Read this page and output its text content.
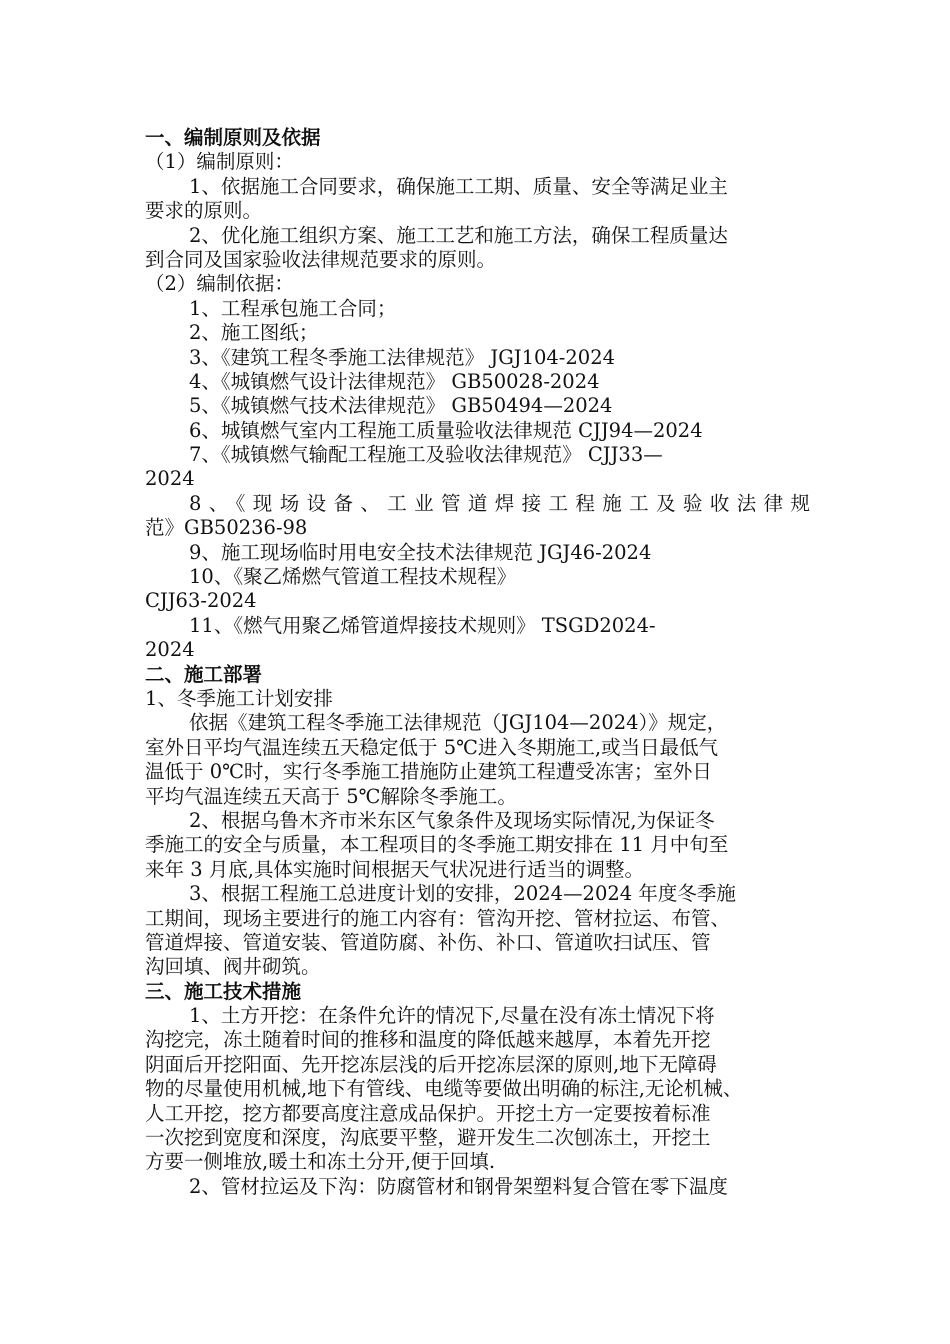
一、编制原则及依据
（1）编制原则：
1、依据施工合同要求，确保施工工期、质量、安全等满足业主
要求的原则。
2、优化施工组织方案、施工工艺和施工方法，确保工程质量达
到合同及国家验收法律规范要求的原则。
（2）编制依据：
1、工程承包施工合同；
2、施工图纸；
3、《建筑工程冬季施工法律规范》 JGJ104-2024
4、《城镇燃气设计法律规范》 GB50028-2024
5、《城镇燃气技术法律规范》 GB50494—2024
6、城镇燃气室内工程施工质量验收法律规范 CJJ94—2024
7、《城镇燃气输配工程施工及验收法律规范》 CJJ33—
2024
8、《现场设备、工业管道焊接工程施工及验收法律规
范》GB50236-98
9、施工现场临时用电安全技术法律规范 JGJ46-2024
10、《聚乙烯燃气管道工程技术规程》
CJJ63-2024
11、《燃气用聚乙烯管道焊接技术规则》 TSGD2024-
2024
二、施工部署
1、冬季施工计划安排
依据《建筑工程冬季施工法律规范（JGJ104—2024）》规定，
室外日平均气温连续五天稳定低于 5℃进入冬期施工,或当日最低气
温低于 0℃时，实行冬季施工措施防止建筑工程遭受冻害；室外日
平均气温连续五天高于 5℃解除冬季施工。
2、根据乌鲁木齐市米东区气象条件及现场实际情况,为保证冬
季施工的安全与质量，本工程项目的冬季施工期安排在 11 月中旬至
来年 3 月底,具体实施时间根据天气状况进行适当的调整。
3、根据工程施工总进度计划的安排，2024—2024 年度冬季施
工期间，现场主要进行的施工内容有：管沟开挖、管材拉运、布管、
管道焊接、管道安装、管道防腐、补伤、补口、管道吹扫试压、管
沟回填、阀井砌筑。
三、施工技术措施
1、土方开挖：在条件允许的情况下,尽量在没有冻土情况下将
沟挖完，冻土随着时间的推移和温度的降低越来越厚，本着先开挖
阴面后开挖阳面、先开挖冻层浅的后开挖冻层深的原则,地下无障碍
物的尽量使用机械,地下有管线、电缆等要做出明确的标注,无论机械、
人工开挖，挖方都要高度注意成品保护。开挖土方一定要按着标准
一次挖到宽度和深度，沟底要平整，避开发生二次刨冻土，开挖土
方要一侧堆放,暖土和冻土分开,便于回填.
2、管材拉运及下沟：防腐管材和钢骨架塑料复合管在零下温度
